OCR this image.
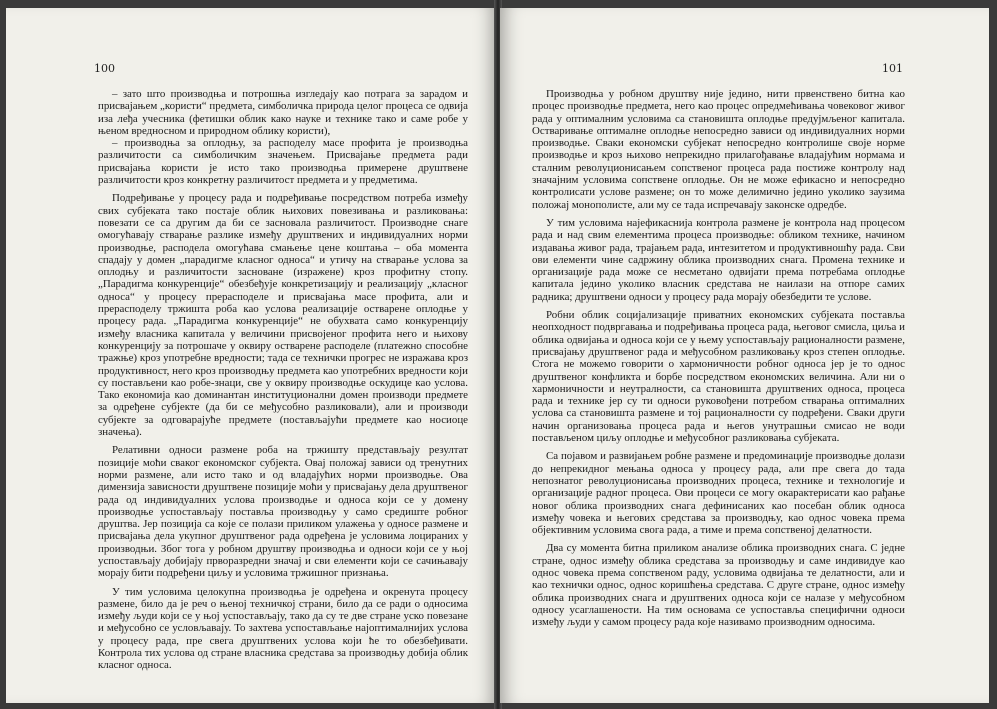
100

– зато што производња и потрошња изгледају као потрага за зарадом и присвајањем „користи“ предмета, симболичка природа целог процеса се одвија иза леђа учесника (фетишки облик како науке и технике тако и саме робе у њеном вредносном и природном облику користи),

– производња за оплодњу, за расподелу масе профита је производња различитости са симболичким значењем. Присвајање предмета ради присвајања користи је исто тако производња примерене друштвене различитости кроз конкретну различитост предмета и у предметима.

Подређивање у процесу рада и подређивање посредством потреба између свих субјеката тако постаје облик њихових повезивања и разликовања: повезати се са другим да би се засновала различитост. Производне снаге омогућавају стварање разлике између друштвених и индивидуалних норми производње, расподела омогућава смањење цене коштања – оба момента спадају у домен „парадигме класног односа“ и утичу на стварање услова за оплодњу и различитости засноване (изражене) кроз профитну стопу. „Парадигма конкуренције“ обезбеђује конкретизацију и реализацију „класног односа“ у процесу прерасподеле и присвајања масе профита, али и прерасподелу тржишта роба као услова реализације остварене оплодње у процесу рада. „Парадигма конкуренције“ не обухвата само конкуренцију између власника капитала у величини присвојеног профита него и њихову конкуренцију за потрошаче у оквиру остварене расподеле (платежно способне тражње) кроз употребне вредности; тада се технички прогрес не изражава кроз продуктивност, него кроз производњу предмета као употребних вредности који су постављени као робе-знаци, све у оквиру производње оскудице као услова. Тако економија као доминантан институционални домен производи предмете за одређене субјекте (да би се међусобно разликовали), али и производи субјекте за одговарајуће предмете (постављајући предмете као носиоце значења).

Релативни односи размене роба на тржишту представљају резултат позиције моћи сваког економског субјекта. Овај положај зависи од тренутних норми размене, али исто тако и од владајућих норми производње. Ова димензија зависности друштвене позиције моћи у присвајању дела друштвеног рада од индивидуалних услова производње и односа који се у домену производње успостављају поставља производњу у само средиште робног друштва. Јер позиција са које се полази приликом улажења у односе размене и присвајања дела укупног друштвеног рада одређена је условима лоцираних у производњи. Због тога у робном друштву производња и односи који се у њој успостављају добијају прворазредни значај и сви елементи који се сачињавају морају бити подређени циљу и условима тржишног признања.

У тим условима целокупна производња је одређена и окренута процесу размене, било да је реч о њеној техничкој страни, било да се ради о односима између људи који се у њој успостављају, тако да су те две стране уско повезане и међусобно се условљавају. То захтева успостављање најоптималнијих услова у процесу рада, пре свега друштвених услова који ће то обезбеђивати. Контрола тих услова од стране власника средстава за производњу добија облик класног односа.

101

Производња у робном друштву није једино, нити првенствено битна као процес производње предмета, него као процес опредмећивања човековог живог рада у оптималним условима са становишта оплодње предујмљеног капитала. Остваривање оптималне оплодње непосредно зависи од индивидуалних норми производње. Сваки економски субјекат непосредно контролише своје норме производње и кроз њихово непрекидно прилагођавање владајућим нормама и сталним револуционисањем сопственог процеса рада постиже контролу над значајним условима сопствене оплодње. Он не може ефикасно и непосредно контролисати услове размене; он то може делимично једино уколико заузима положај монополисте, али му се тада испречавају законске одредбе.

У тим условима најефикаснија контрола размене је контрола над процесом рада и над свим елементима процеса производње: обликом технике, начином издавања живог рада, трајањем рада, интезитетом и продуктивношћу рада. Сви ови елементи чине садржину облика производних снага. Промена технике и организације рада може се несметано одвијати према потребама оплодње капитала једино уколико власник средстава не наилази на отпоре самих радника; друштвени односи у процесу рада морају обезбедити те услове.

Робни облик социјализације приватних економских субјеката поставља неопходност подвргавања и подређивања процеса рада, његовог смисла, циља и облика одвијања и односа који се у њему успостављају рационалности размене, присвајању друштвеног рада и међусобном разликовању кроз степен оплодње. Стога не можемо говорити о хармоничности робног односа јер је то однос друштвеног конфликта и борбе посредством економских величина. Али ни о хармоничности и неутралности, са становишта друштвених односа, процеса рада и технике јер су ти односи руковођени потребом стварања оптималних услова са становишта размене и тој рационалности су подређени. Сваки други начин организовања процеса рада и његов унутрашњи смисао не води постављеном циљу оплодње и међусобног разликовања субјеката.

Са појавом и развијањем робне размене и предоминације производње долази до непрекидног мењања односа у процесу рада, али пре свега до тада непознатог револуционисања производних процеса, технике и технологије и организације радног процеса. Ови процеси се могу окарактерисати као рађање новог облика производних снага дефинисаних као посебан облик односа између човека и његових средстава за производњу, као однос човека према објективним условима свога рада, а тиме и према сопственој делатности.

Два су момента битна приликом анализе облика производних снага. С једне стране, однос између облика средстава за производњу и саме индивидуе као однос човека према сопственом раду, условима одвијања те делатности, али и као технички однос, однос коришћења средстава. С друге стране, однос између облика производних снага и друштвених односа који се налазе у међусобном односу усаглашености. На тим основама се успоставља специфични односи између људи у самом процесу рада које називамо производним односима.
